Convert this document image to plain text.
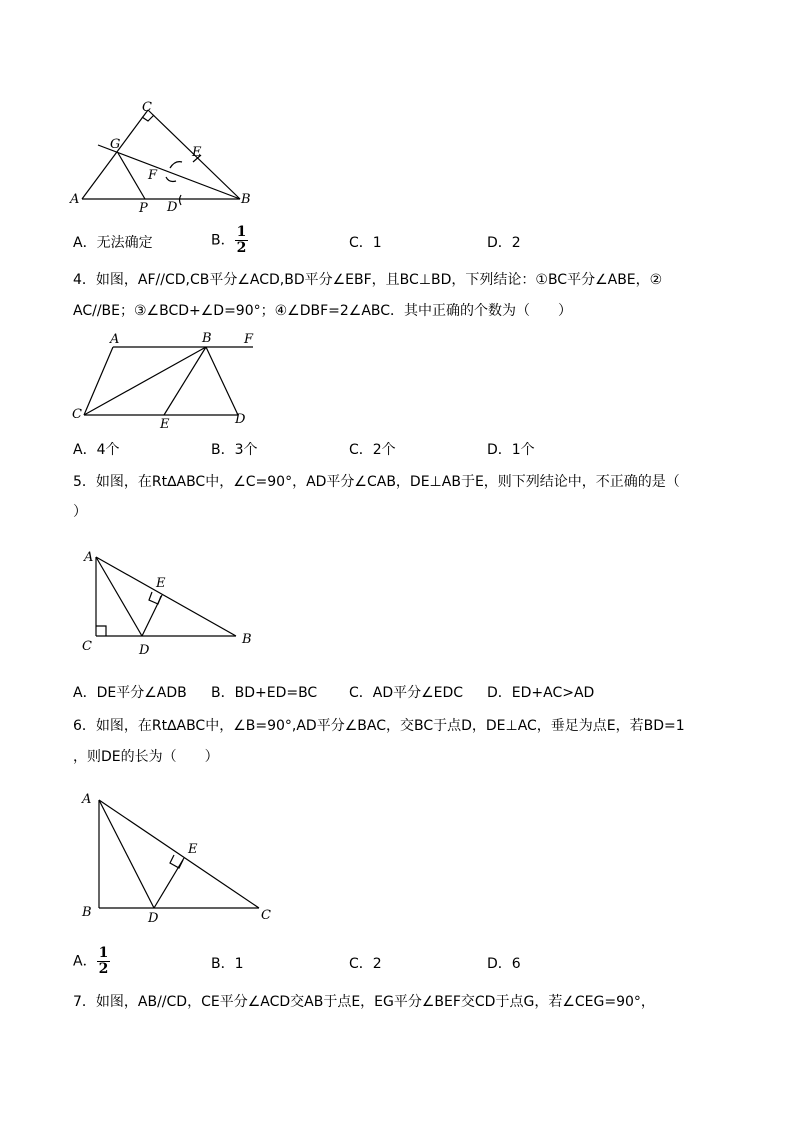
C
G
E
F
A
P D
B
A．无法确定	B． $\frac{1}{2}$	C．1	D．2
4．如图，AF//CD,CB平分∠ACD,BD平分∠EBF，且BC⊥BD，下列结论：①BC平分∠ABE，②
AC//BE；③∠BCD+∠D=90°；④∠DBF=2∠ABC．其中正确的个数为（　　）
A	B F
C
E	D
A．4个	B．3个	C．2个	D．1个
5．如图，在Rt∆ABC中，∠C=90°，AD平分∠CAB，DE⊥AB于E，则下列结论中，不正确的是（
）
A
E
C	D
B
A．DE平分∠ADB B．BD+ED=BC C．AD平分∠EDC D．ED+AC>AD
6．如图，在Rt∆ABC中，∠B=90°,AD平分∠BAC，交BC于点D，DE⊥AC，垂足为点E，若BD=1
，则DE的长为（　　）
A
E
B	D	C
A． $\frac{1}{2}$	B．1	C．2	D．6
7．如图，AB//CD，CE平分∠ACD交AB于点E，EG平分∠BEF交CD于点G，若∠CEG=90°，
